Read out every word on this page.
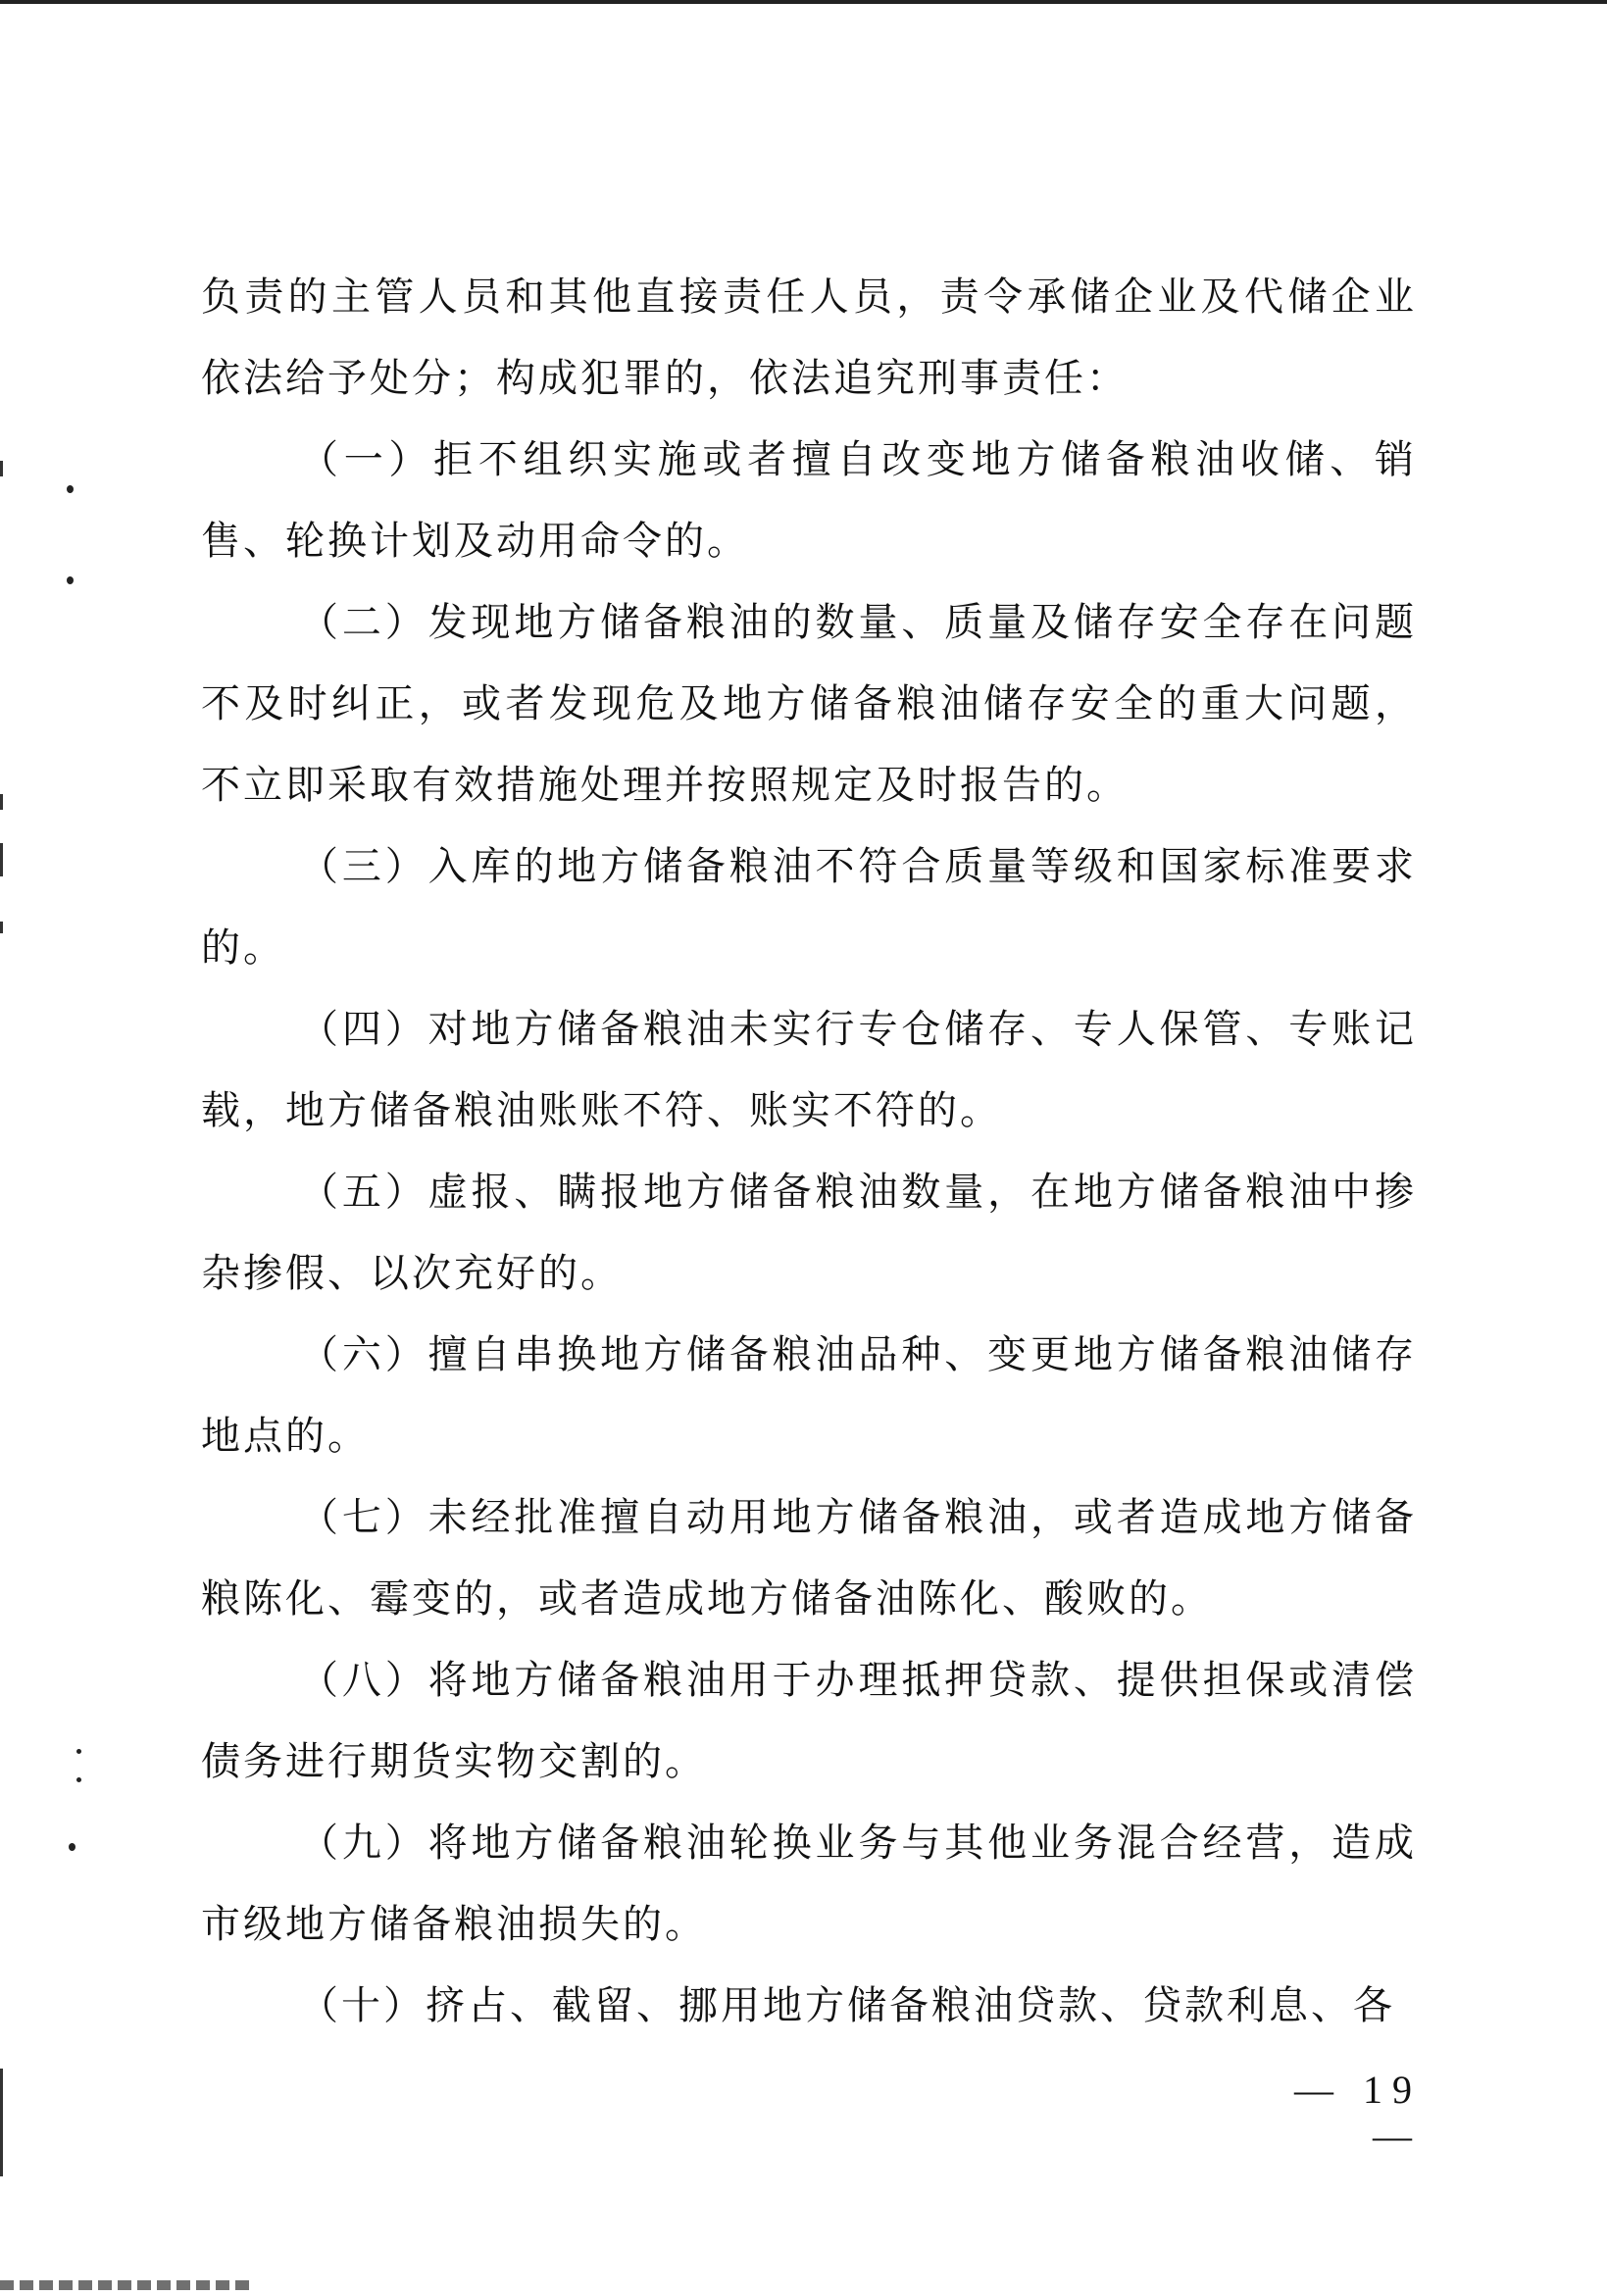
负责的主管人员和其他直接责任人员，责令承储企业及代储企业依法给予处分；构成犯罪的，依法追究刑事责任：

（一）拒不组织实施或者擅自改变地方储备粮油收储、销售、轮换计划及动用命令的。

（二）发现地方储备粮油的数量、质量及储存安全存在问题不及时纠正，或者发现危及地方储备粮油储存安全的重大问题，不立即采取有效措施处理并按照规定及时报告的。

（三）入库的地方储备粮油不符合质量等级和国家标准要求的。

（四）对地方储备粮油未实行专仓储存、专人保管、专账记载，地方储备粮油账账不符、账实不符的。

（五）虚报、瞒报地方储备粮油数量，在地方储备粮油中掺杂掺假、以次充好的。

（六）擅自串换地方储备粮油品种、变更地方储备粮油储存地点的。

（七）未经批准擅自动用地方储备粮油，或者造成地方储备粮陈化、霉变的，或者造成地方储备油陈化、酸败的。

（八）将地方储备粮油用于办理抵押贷款、提供担保或清偿债务进行期货实物交割的。

（九）将地方储备粮油轮换业务与其他业务混合经营，造成市级地方储备粮油损失的。

（十）挤占、截留、挪用地方储备粮油贷款、贷款利息、各

— 19 —
